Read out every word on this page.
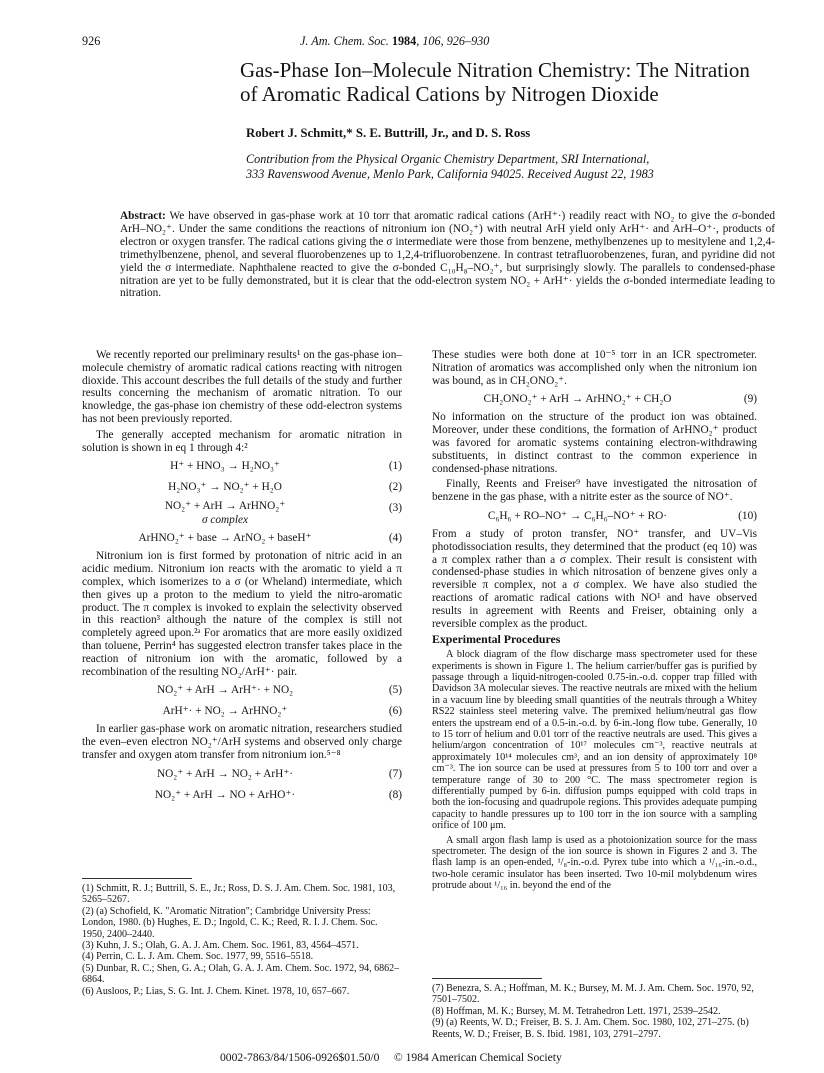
926	J. Am. Chem. Soc. 1984, 106, 926–930
Gas-Phase Ion–Molecule Nitration Chemistry: The Nitration
of Aromatic Radical Cations by Nitrogen Dioxide
Robert J. Schmitt,* S. E. Buttrill, Jr., and D. S. Ross
Contribution from the Physical Organic Chemistry Department, SRI International,
333 Ravenswood Avenue, Menlo Park, California 94025. Received August 22, 1983
Abstract: We have observed in gas-phase work at 10 torr that aromatic radical cations (ArH⁺·) readily react with NO₂ to give the σ-bonded ArH–NO₂⁺. Under the same conditions the reactions of nitronium ion (NO₂⁺) with neutral ArH yield only ArH⁺· and ArH–O⁺·, products of electron or oxygen transfer. The radical cations giving the σ intermediate were those from benzene, methylbenzenes up to mesitylene and 1,2,4-trimethylbenzene, phenol, and several fluorobenzenes up to 1,2,4-trifluorobenzene. In contrast tetrafluorobenzenes, furan, and pyridine did not yield the σ intermediate. Naphthalene reacted to give the σ-bonded C₁₀H₈–NO₂⁺, but surprisingly slowly. The parallels to condensed-phase nitration are yet to be fully demonstrated, but it is clear that the odd-electron system NO₂ + ArH⁺· yields the σ-bonded intermediate leading to nitration.

We recently reported our preliminary results¹ on the gas-phase ion–molecule chemistry of aromatic radical cations reacting with nitrogen dioxide. This account describes the full details of the study and further results concerning the mechanism of aromatic nitration. To our knowledge, the gas-phase ion chemistry of these odd-electron systems has not been previously reported.

The generally accepted mechanism for aromatic nitration in solution is shown in eq 1 through 4:²

H⁺ + HNO₃ → H₂NO₃⁺	(1)
H₂NO₃⁺ → NO₂⁺ + H₂O	(2)
NO₂⁺ + ArH → ArHNO₂⁺
σ complex
(3)
ArHNO₂⁺ + base → ArNO₂ + baseH⁺	(4)

Nitronium ion is first formed by protonation of nitric acid in an acidic medium. Nitronium ion reacts with the aromatic to yield a π complex, which isomerizes to a σ (or Wheland) intermediate, which then gives up a proton to the medium to yield the nitro-aromatic product. The π complex is invoked to explain the selectivity observed in this reaction³ although the nature of the complex is still not completely agreed upon.²ᵃ For aromatics that are more easily oxidized than toluene, Perrin⁴ has suggested electron transfer takes place in the reaction of nitronium ion with the aromatic, followed by a recombination of the resulting NO₂/ArH⁺· pair.

NO₂⁺ + ArH → ArH⁺· + NO₂	(5)
ArH⁺· + NO₂ → ArHNO₂⁺	(6)

In earlier gas-phase work on aromatic nitration, researchers studied the even–even electron NO₂⁺/ArH systems and observed only charge transfer and oxygen atom transfer from nitronium ion.⁵⁻⁸

NO₂⁺ + ArH → NO₂ + ArH⁺·	(7)
NO₂⁺ + ArH → NO + ArHO⁺·	(8)
(1) Schmitt, R. J.; Buttrill, S. E., Jr.; Ross, D. S. J. Am. Chem. Soc. 1981, 103, 5265–5267.
(2) (a) Schofield, K. "Aromatic Nitration"; Cambridge University Press: London, 1980. (b) Hughes, E. D.; Ingold, C. K.; Reed, R. I. J. Chem. Soc. 1950, 2400–2440.
(3) Kuhn, J. S.; Olah, G. A. J. Am. Chem. Soc. 1961, 83, 4564–4571.
(4) Perrin, C. L. J. Am. Chem. Soc. 1977, 99, 5516–5518.
(5) Dunbar, R. C.; Shen, G. A.; Olah, G. A. J. Am. Chem. Soc. 1972, 94, 6862–6864.
(6) Ausloos, P.; Lias, S. G. Int. J. Chem. Kinet. 1978, 10, 657–667.

These studies were both done at 10⁻⁵ torr in an ICR spectrometer. Nitration of aromatics was accomplished only when the nitronium ion was bound, as in CH₂ONO₂⁺.

CH₂ONO₂⁺ + ArH → ArHNO₂⁺ + CH₂O	(9)

No information on the structure of the product ion was obtained. Moreover, under these conditions, the formation of ArHNO₂⁺ product was favored for aromatic systems containing electron-withdrawing substituents, in distinct contrast to the common experience in condensed-phase nitrations.

Finally, Reents and Freiser⁹ have investigated the nitrosation of benzene in the gas phase, with a nitrite ester as the source of NO⁺.

C₆H₆ + RO–NO⁺ → C₆H₆–NO⁺ + RO·	(10)

From a study of proton transfer, NO⁺ transfer, and UV–Vis photodissociation results, they determined that the product (eq 10) was a π complex rather than a σ complex. Their result is consistent with condensed-phase studies in which nitrosation of benzene gives only a reversible π complex, not a σ complex. We have also studied the reactions of aromatic radical cations with NO¹ and have observed results in agreement with Reents and Freiser, obtaining only a reversible complex as the product.

Experimental Procedures

A block diagram of the flow discharge mass spectrometer used for these experiments is shown in Figure 1. The helium carrier/buffer gas is purified by passage through a liquid-nitrogen-cooled 0.75-in.-o.d. copper trap filled with Davidson 3A molecular sieves. The reactive neutrals are mixed with the helium in a vacuum line by bleeding small quantities of the neutrals through a Whitey RS22 stainless steel metering valve. The premixed helium/neutral gas flow enters the upstream end of a 0.5-in.-o.d. by 6-in.-long flow tube. Generally, 10 to 15 torr of helium and 0.01 torr of the reactive neutrals are used. This gives a helium/argon concentration of 10¹⁷ molecules cm⁻³, reactive neutrals at approximately 10¹⁴ molecules cm³, and an ion density of approximately 10⁸ cm⁻³. The ion source can be used at pressures from 5 to 100 torr and over a temperature range of 30 to 200 °C. The mass spectrometer region is differentially pumped by 6-in. diffusion pumps equipped with cold traps in both the ion-focusing and quadrupole regions. This provides adequate pumping capacity to handle pressures up to 100 torr in the ion source with a sampling orifice of 100 μm.

A small argon flash lamp is used as a photoionization source for the mass spectrometer. The design of the ion source is shown in Figures 2 and 3. The flash lamp is an open-ended, ¹/₈-in.-o.d. Pyrex tube into which a ¹/₁₆-in.-o.d., two-hole ceramic insulator has been inserted. Two 10-mil molybdenum wires protrude about ¹/₁₆ in. beyond the end of the

(7) Benezra, S. A.; Hoffman, M. K.; Bursey, M. M. J. Am. Chem. Soc. 1970, 92, 7501–7502.
(8) Hoffman, M. K.; Bursey, M. M. Tetrahedron Lett. 1971, 2539–2542.
(9) (a) Reents, W. D.; Freiser, B. S. J. Am. Chem. Soc. 1980, 102, 271–275. (b) Reents, W. D.; Freiser, B. S. Ibid. 1981, 103, 2791–2797.
0002-7863/84/1506-0926$01.50/0 © 1984 American Chemical Society
